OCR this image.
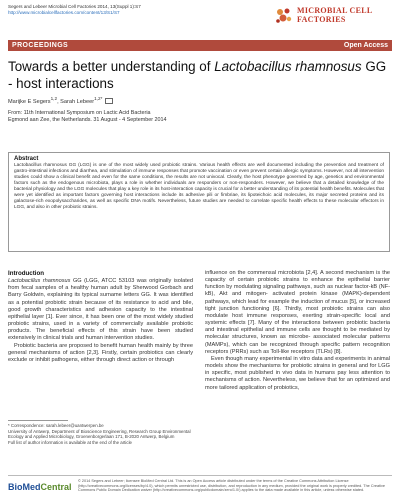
Segers and Lebeer Microbial Cell Factories 2014, 13(Suppl 1):S7
http://www.microbialcellfactories.com/content/13/S1/S7	MICROBIAL CELL
FACTORIES
PROCEEDINGS	Open Access
Towards a better understanding of Lactobacillus rhamnosus GG - host interactions
Marijke E Segers$^{1,2}$, Sarah Lebeer$^{1,2*}$
From: 11th International Symposium on Lactic Acid Bacteria
Egmond aan Zee, the Netherlands. 31 August - 4 September 2014
Abstract
Lactobacillus rhamnosus GG (LGG) is one of the most widely used probiotic strains. Various health effects are well documented including the prevention and treatment of gastro-intestinal infections and diarrhea, and stimulation of immune responses that promote vaccination or even prevent certain allergic symptoms. However, not all intervention studies could show a clinical benefit and even for the same conditions, the results are not univocal. Clearly, the host phenotype governed by age, genetics and environmental factors such as the endogenous microbiota, plays a role in whether individuals are responders or non-responders. However, we believe that a detailed knowledge of the bacterial physiology and the LGG molecules that play a key role in its host-interaction capacity is crucial for a better understanding of its potential health benefits. Molecules that were yet identified as important factors governing host interactions include its adhesive pili or fimbriae, its lipoteichoic acid molecules, its major secreted proteins and its galactose-rich exopolysaccharides, as well as specific DNA motifs. Nevertheless, future studies are needed to correlate specific health effects to these molecular effectors in LGG, and also in other probiotic strains.
Introduction

Lactobacillus rhamnosus GG (LGG, ATCC 53103 was originally isolated from fecal samples of a healthy human adult by Sherwood Gorbach and Barry Goldwin, explaining its typical surname letters GG. It was identified as a potential probiotic strain because of its resistance to acid and bile, good growth characteristics and adhesion capacity to the intestinal epithelial layer [1]. Ever since, it has been one of the most widely studied probiotic strains, used in a variety of commercially available probiotic products. The beneficial effects of this strain have been studied extensively in clinical trials and human intervention studies.

Probiotic bacteria are proposed to benefit human health mainly by three general mechanisms of action [2,3]. Firstly, certain probiotics can clearly exclude or inhibit pathogens, either through direct action or through

influence on the commensal microbiota [2,4]. A second mechanism is the capacity of certain probiotic strains to enhance the epithelial barrier function by modulating signaling pathways, such as nuclear factor-kB (NF-kB), Akt and mitogen- activated protein kinase (MAPK)-dependent pathways, which lead for example the induction of mucus [5], or increased tight junction functioning [6]. Thirdly, most probiotic strains can also modulate host immune responses, exerting strain-specific local and systemic effects [7]. Many of the interactions between probiotic bacteria and intestinal epithelial and immune cells are thought to be mediated by molecular structures, known as microbe- associated molecular patterns (MAMPs), which can be recognized through specific pattern recognition receptors (PRRs) such as Toll-like receptors (TLRs) [8].

Even though many experimental in vitro data and experiments in animal models show the mechanisms for probiotic strains in general and for LGG in specific, most published in vivo data in humans pay less attention to mechanisms of action. Nevertheless, we believe that for an optimized and more tailored application of probiotics,

* Correspondence: sarah.lebeer@uantwerpen.be
University of Antwerp, Department of Bioscience Engineering, Research Group Environmental Ecology and Applied Microbiology, Groenenborgerlaan 171, B-2020 Antwerp, Belgium
Full list of author information is available at the end of the article
BioMedCentral
© 2014 Segers and Lebeer; licensee BioMed Central Ltd. This is an Open Access article distributed under the terms of the Creative Commons Attribution License (http://creativecommons.org/licenses/by/4.0), which permits unrestricted use, distribution, and reproduction in any medium, provided the original work is properly credited. The Creative Commons Public Domain Dedication waiver (http://creativecommons.org/publicdomain/zero/1.0/) applies to the data made available in this article, unless otherwise stated.
